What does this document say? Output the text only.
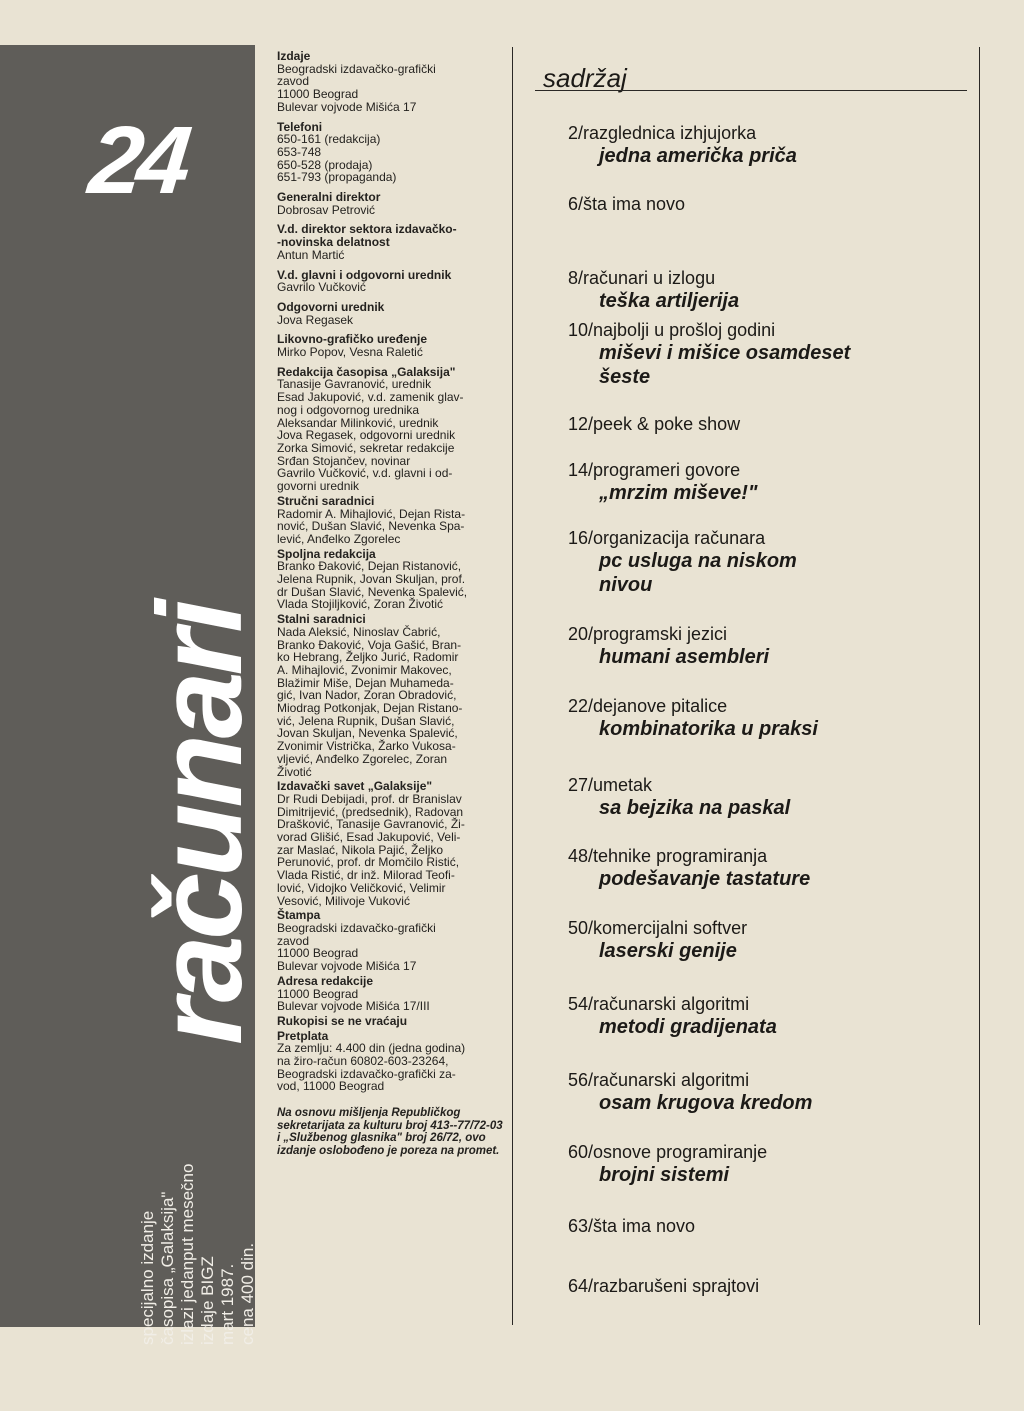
24
računari
specijalno izdanje časopisa „Galaksija" izlazi jedanput mesečno izdaje BIGZ mart 1987. cena 400 din.
Izdaje
Beogradski izdavačko-grafički
zavod
11000 Beograd
Bulevar vojvode Mišića 17
Telefoni
650-161 (redakcija)
653-748
650-528 (prodaja)
651-793 (propaganda)
Generalni direktor
Dobrosav Petrović
V.d. direktor sektora izdavačko-
-novinska delatnost
Antun Martić
V.d. glavni i odgovorni urednik
Gavrilo Vučković
Odgovorni urednik
Jova Regasek
Likovno-grafičko uređenje
Mirko Popov, Vesna Raletić
Redakcija časopisa „Galaksija"
Tanasije Gavranović, urednik
Esad Jakupović, v.d. zamenik glav-
nog i odgovornog urednika
Aleksandar Milinković, urednik
Jova Regasek, odgovorni urednik
Zorka Simović, sekretar redakcije
Srđan Stojančev, novinar
Gavrilo Vučković, v.d. glavni i od-
govorni urednik
Stručni saradnici
Radomir A. Mihajlović, Dejan Rista-
nović, Dušan Slavić, Nevenka Spa-
lević, Anđelko Zgorelec
Spoljna redakcija
Branko Đaković, Dejan Ristanović,
Jelena Rupnik, Jovan Skuljan, prof.
dr Dušan Slavić, Nevenka Spalević,
Vlada Stojiljković, Zoran Životić
Stalni saradnici
Nada Aleksić, Ninoslav Čabrić,
Branko Đaković, Voja Gašić, Bran-
ko Hebrang, Željko Jurić, Radomir
A. Mihajlović, Zvonimir Makovec,
Blažimir Miše, Dejan Muhameda-
gić, Ivan Nador, Zoran Obradović,
Miodrag Potkonjak, Dejan Ristano-
vić, Jelena Rupnik, Dušan Slavić,
Jovan Skuljan, Nevenka Spalević,
Zvonimir Vistrička, Žarko Vukosa-
vljević, Anđelko Zgorelec, Zoran
Životić
Izdavački savet „Galaksije"
Dr Rudi Debijadi, prof. dr Branislav
Dimitrijević, (predsednik), Radovan
Drašković, Tanasije Gavranović, Ži-
vorad Glišić, Esad Jakupović, Veli-
zar Maslać, Nikola Pajić, Željko
Perunović, prof. dr Momčilo Ristić,
Vlada Ristić, dr inž. Milorad Teofi-
lović, Vidojko Veličković, Velimir
Vesović, Milivoje Vuković
Štampa
Beogradski izdavačko-grafički
zavod
11000 Beograd
Bulevar vojvode Mišića 17
Adresa redakcije
11000 Beograd
Bulevar vojvode Mišića 17/III
Rukopisi se ne vraćaju
Pretplata
Za zemlju: 4.400 din (jedna godina)
na žiro-račun 60802-603-23264,
Beogradski izdavačko-grafički za-
vod, 11000 Beograd
Na osnovu mišljenja Republičkog sekretarijata za kulturu broj 413--77/72-03 i „Službenog glasnika" broj 26/72, ovo izdanje oslobođeno je poreza na promet.
sadržaj
2/razglednica izhjujorka
jedna američka priča
6/šta ima novo
8/računari u izlogu
teška artiljerija
10/najbolji u prošloj godini
miševi i mišice osamdeset
šeste
12/peek & poke show
14/programeri govore
„mrzim miševe!"
16/organizacija računara
pc usluga na niskom
nivou
20/programski jezici
humani asembleri
22/dejanove pitalice
kombinatorika u praksi
27/umetak
sa bejzika na paskal
48/tehnike programiranja
podešavanje tastature
50/komercijalni softver
laserski genije
54/računarski algoritmi
metodi gradijenata
56/računarski algoritmi
osam krugova kredom
60/osnove programiranje
brojni sistemi
63/šta ima novo
64/razbarušeni sprajtovi
